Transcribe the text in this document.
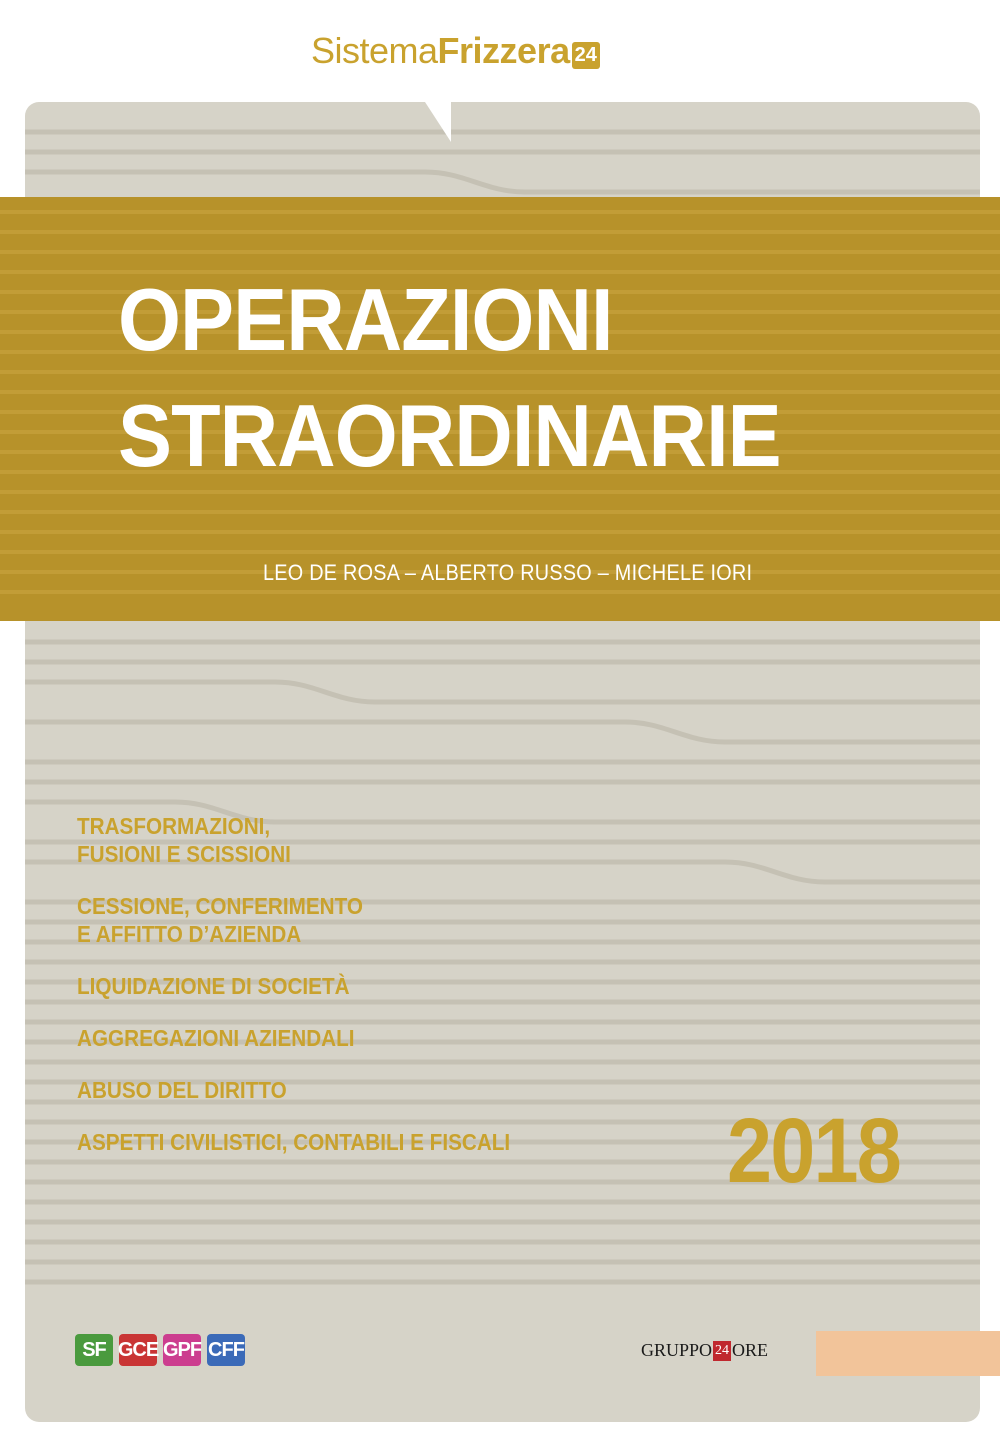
Sistema Frizzera 24
OPERAZIONI
STRAORDINARIE
LEO DE ROSA – ALBERTO RUSSO – MICHELE IORI
TRASFORMAZIONI,
FUSIONI E SCISSIONI
CESSIONE, CONFERIMENTO
E AFFITTO D’AZIENDA
LIQUIDAZIONE DI SOCIETÀ
AGGREGAZIONI AZIENDALI
ABUSO DEL DIRITTO
ASPETTI CIVILISTICI, CONTABILI E FISCALI	2018
SF GCE GPF CFF	GRUPPO 24 ORE
